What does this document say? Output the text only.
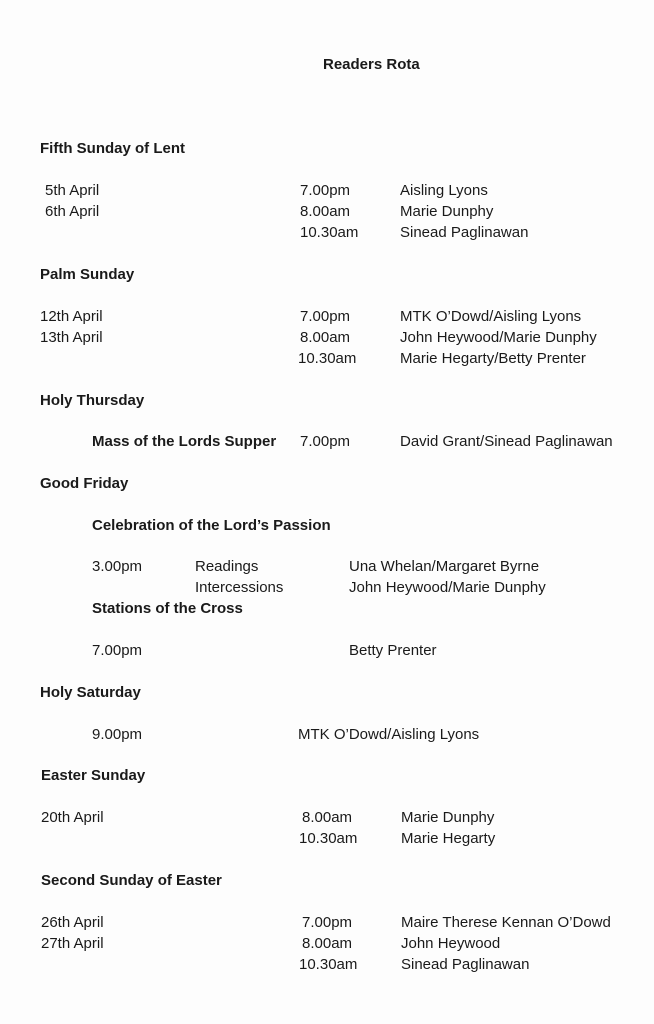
Readers Rota
Fifth Sunday of Lent
5th April	7.00pm	Aisling Lyons
6th April	8.00am	Marie Dunphy
10.30am	Sinead Paglinawan
Palm Sunday
12th April	7.00pm	MTK O’Dowd/Aisling Lyons
13th April	8.00am	John Heywood/Marie Dunphy
10.30am	Marie Hegarty/Betty Prenter
Holy Thursday
Mass of the Lords Supper 7.00pm	David Grant/Sinead Paglinawan
Good Friday
Celebration of the Lord’s Passion
3.00pm	Readings	Una Whelan/Margaret Byrne
Intercessions	John Heywood/Marie Dunphy
Stations of the Cross
7.00pm	Betty Prenter
Holy Saturday
9.00pm	MTK O’Dowd/Aisling Lyons
Easter Sunday
20th April	8.00am	Marie Dunphy
10.30am	Marie Hegarty
Second Sunday of Easter
26th April	7.00pm	Maire Therese Kennan O’Dowd
27th April	8.00am	John Heywood
10.30am	Sinead Paglinawan
